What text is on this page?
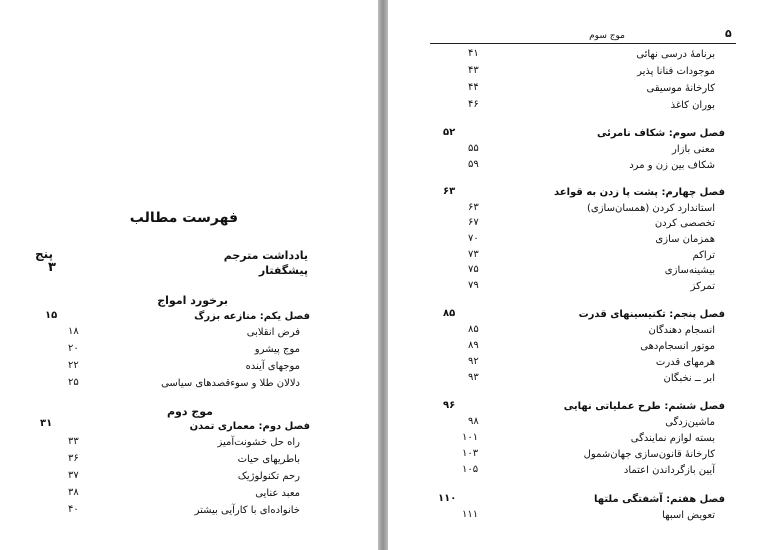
فهرست مطالب
یادداشت مترجم
پنج
پیشگفتار
۳
برخورد امواج
فصل یکم: منازعه بزرگ
۱۵
فرض انقلابی
۱۸
موج پیشرو
۲۰
موجهای آینده
۲۲
دلالان طلا و سوءقصدهای سیاسی
۲۵
موج دوم
فصل دوم: معماری تمدن
۳۱
راه حل خشونت‌آمیز
۳۳
باطریهای حیات
۳۶
رحم تکنولوژیک
۳۷
معبد عنایی
۳۸
خانواده‌ای با کارآیی بیشتر
۴۰
۵
موج سوم
برنامهٔ درسی نهائی
۴۱
موجودات فنانا پذیر
۴۳
کارخانهٔ موسیقی
۴۴
بوران کاغذ
۴۶
فصل سوم: شکاف نامرئی
۵۲
معنی بازار
۵۵
شکاف بین زن و مرد
۵۹
فصل چهارم: پشت پا زدن به قواعد
۶۳
استاندارد کردن (همسان‌سازی)
۶۳
تخصصی کردن
۶۷
همزمان سازی
۷۰
تراکم
۷۳
بیشینه‌سازی
۷۵
تمرکز
۷۹
فصل پنجم: تکنیسینهای قدرت
۸۵
انسجام دهندگان
۸۵
موتور انسجام‌دهی
۸۹
هرمهای قدرت
۹۲
ابر ــ نخبگان
۹۳
فصل ششم: طرح عملیاتی نهایی
۹۶
ماشین‌زدگی
۹۸
بسته لوازم نمایندگی
۱۰۱
کارخانهٔ قانون‌سازی جهان‌شمول
۱۰۳
آیین بازگرداندن اعتماد
۱۰۵
فصل هفتم: آشفتگی ملتها
۱۱۰
تعویض اسبها
۱۱۱
